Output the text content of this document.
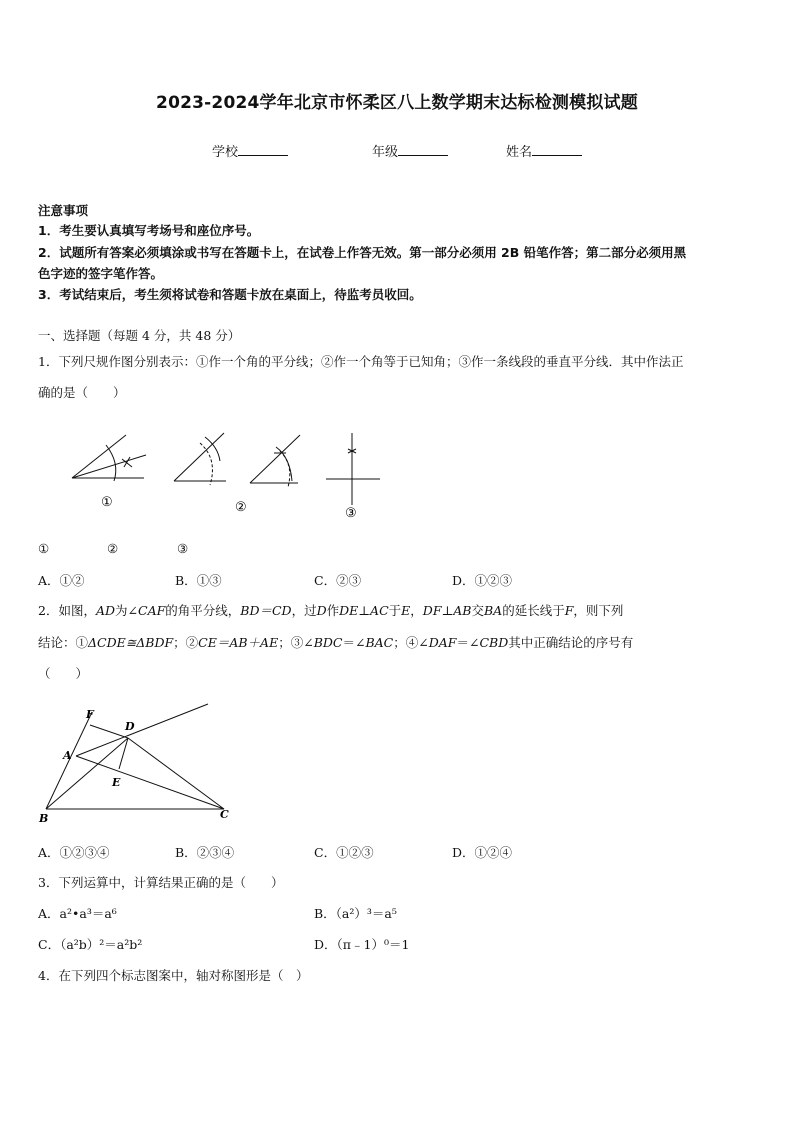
2023-2024学年北京市怀柔区八上数学期末达标检测模拟试题
学校	年级	姓名
注意事项
1．考生要认真填写考场号和座位序号。
2．试题所有答案必须填涂或书写在答题卡上，在试卷上作答无效。第一部分必须用 2B 铅笔作答；第二部分必须用黑
色字迹的签字笔作答。
3．考试结束后，考生须将试卷和答题卡放在桌面上，待监考员收回。
一、选择题（每题 4 分，共 48 分）
1．下列尺规作图分别表示：①作一个角的平分线；②作一个角等于已知角；③作一条线段的垂直平分线．其中作法正
确的是（　　）
①	②	③
①	②	③
A．①②	B．①③	C．②③	D．①②③
2．如图，AD为∠CAF的角平分线，BD＝CD，过D作DE⊥AC于E，DF⊥AB交BA的延长线于F，则下列
结论：①ΔCDE≅ΔBDF；②CE＝AB＋AE；③∠BDC＝∠BAC；④∠DAF＝∠CBD其中正确结论的序号有
（　　）
F
D
A
E
B	C
A．①②③④	B．②③④	C．①②③	D．①②④
3．下列运算中，计算结果正确的是（　　）
A．a²•a³＝a⁶	B．（a²）³＝a⁵
C．（a²b）²＝a²b²	D．（π﹣1）⁰＝1
4．在下列四个标志图案中，轴对称图形是（　）
